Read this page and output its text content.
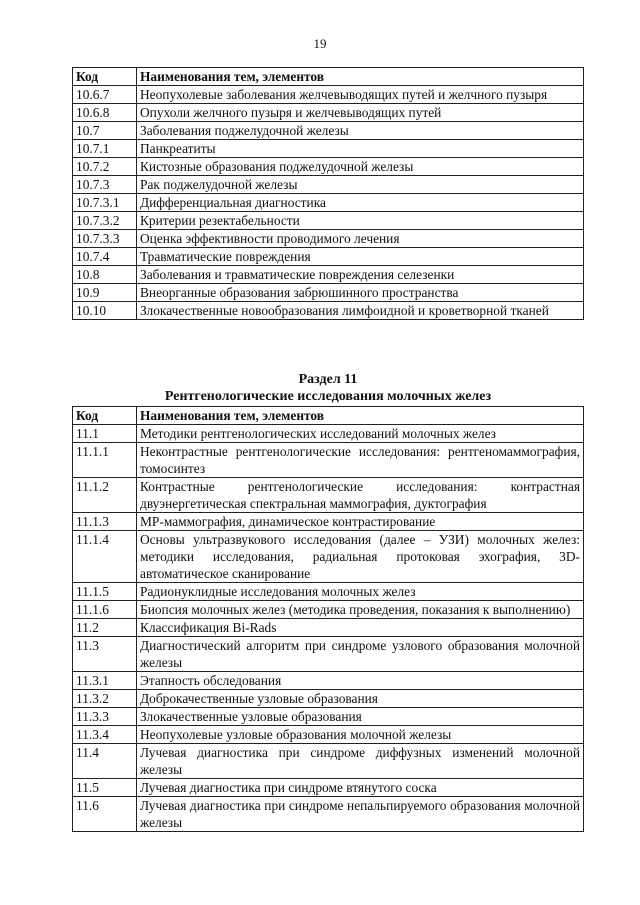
19
Код	Наименования тем, элементов
10.6.7	Неопухолевые заболевания желчевыводящих путей и желчного пузыря
10.6.8	Опухоли желчного пузыря и желчевыводящих путей
10.7	Заболевания поджелудочной железы
10.7.1	Панкреатиты
10.7.2	Кистозные образования поджелудочной железы
10.7.3	Рак поджелудочной железы
10.7.3.1	Дифференциальная диагностика
10.7.3.2	Критерии резектабельности
10.7.3.3	Оценка эффективности проводимого лечения
10.7.4	Травматические повреждения
10.8	Заболевания и травматические повреждения селезенки
10.9	Внеорганные образования забрюшинного пространства
10.10	Злокачественные новообразования лимфоидной и кроветворной тканей
Раздел 11
Рентгенологические исследования молочных желез
Код	Наименования тем, элементов
11.1	Методики рентгенологических исследований молочных желез
11.1.1	Неконтрастные рентгенологические исследования: рентгеномаммография, томосинтез
11.1.2	Контрастные рентгенологические исследования: контрастная двуэнергетическая спектральная маммография, дуктография
11.1.3	МР-маммография, динамическое контрастирование
11.1.4	Основы ультразвукового исследования (далее – УЗИ) молочных желез: методики исследования, радиальная протоковая эхография, 3D-автоматическое сканирование
11.1.5	Радионуклидные исследования молочных желез
11.1.6	Биопсия молочных желез (методика проведения, показания к выполнению)
11.2	Классификация Bi-Rads
11.3	Диагностический алгоритм при синдроме узлового образования молочной железы
11.3.1	Этапность обследования
11.3.2	Доброкачественные узловые образования
11.3.3	Злокачественные узловые образования
11.3.4	Неопухолевые узловые образования молочной железы
11.4	Лучевая диагностика при синдроме диффузных изменений молочной железы
11.5	Лучевая диагностика при синдроме втянутого соска
11.6	Лучевая диагностика при синдроме непальпируемого образования молочной железы
